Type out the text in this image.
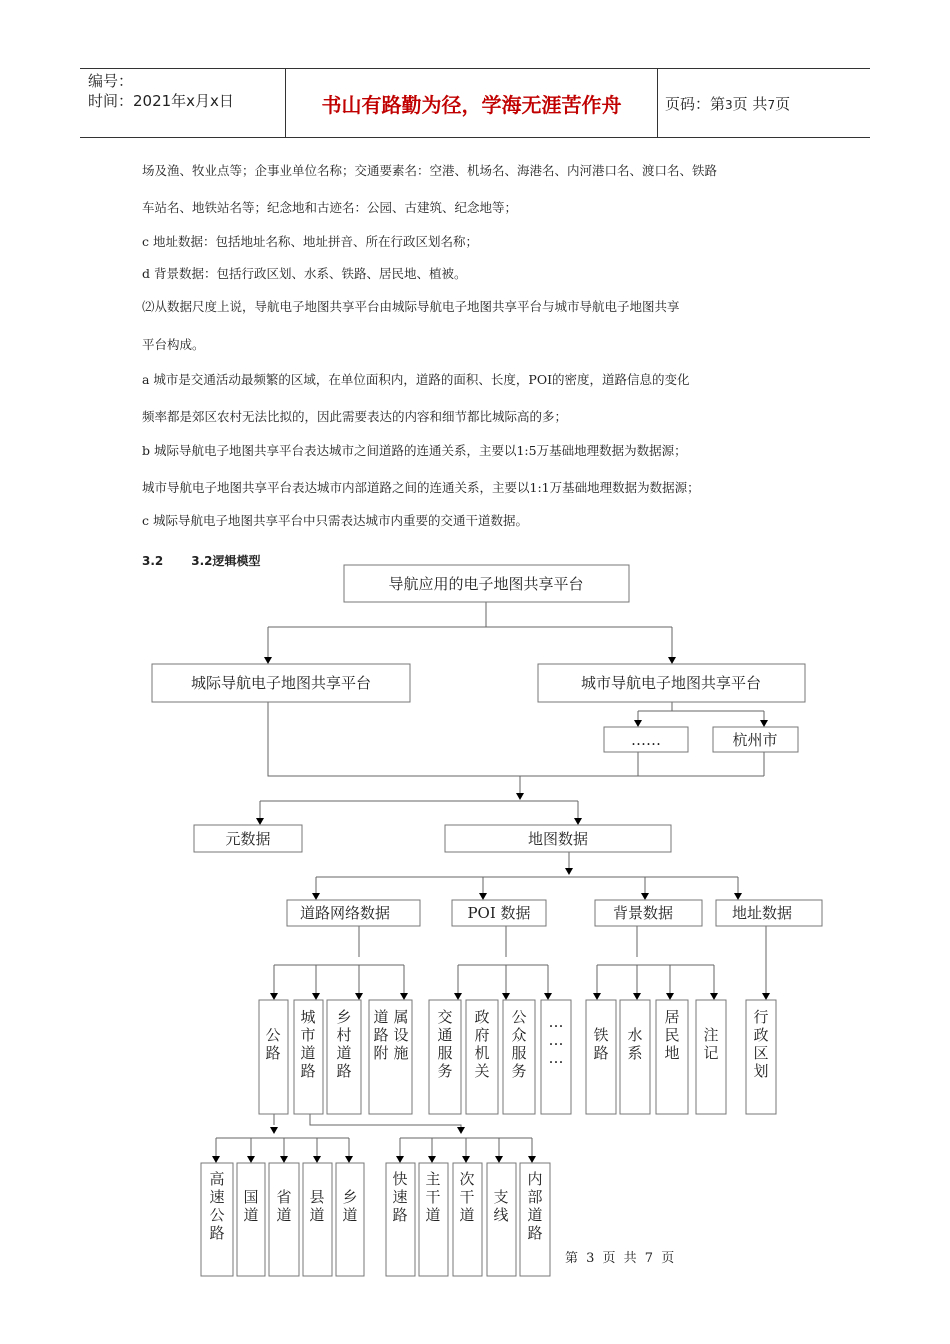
编号：
时间：2021年x月x日	书山有路勤为径，学海无涯苦作舟	页码：第3页 共7页
场及渔、牧业点等；企事业单位名称；交通要素名：空港、机场名、海港名、内河港口名、渡口名、铁路
车站名、地铁站名等；纪念地和古迹名：公园、古建筑、纪念地等；
c 地址数据：包括地址名称、地址拼音、所在行政区划名称；
d 背景数据：包括行政区划、水系、铁路、居民地、植被。
⑵从数据尺度上说，导航电子地图共享平台由城际导航电子地图共享平台与城市导航电子地图共享
平台构成。
a 城市是交通活动最频繁的区域，在单位面积内，道路的面积、长度，POI的密度，道路信息的变化
频率都是郊区农村无法比拟的，因此需要表达的内容和细节都比城际高的多；
b 城际导航电子地图共享平台表达城市之间道路的连通关系，主要以1:5万基础地理数据为数据源；
城市导航电子地图共享平台表达城市内部道路之间的连通关系，主要以1:1万基础地理数据为数据源；
c 城际导航电子地图共享平台中只需表达城市内重要的交通干道数据。
3.2 3.2逻辑模型
导航应用的电子地图共享平台
城际导航电子地图共享平台	城市导航电子地图共享平台
……	杭州市
元数据	地图数据
道路网络数据	POI 数据	背景数据	地址数据
公路
城市道路
乡村道路
道路附属设施
交通服务
政府机关
公众服务
… … …
铁路
水系
居民地
注记
行政区划
高速公路
国道
省道
县道
乡道
快速路
主干道
次干道
支线
内部道路
第 3 页 共 7 页
